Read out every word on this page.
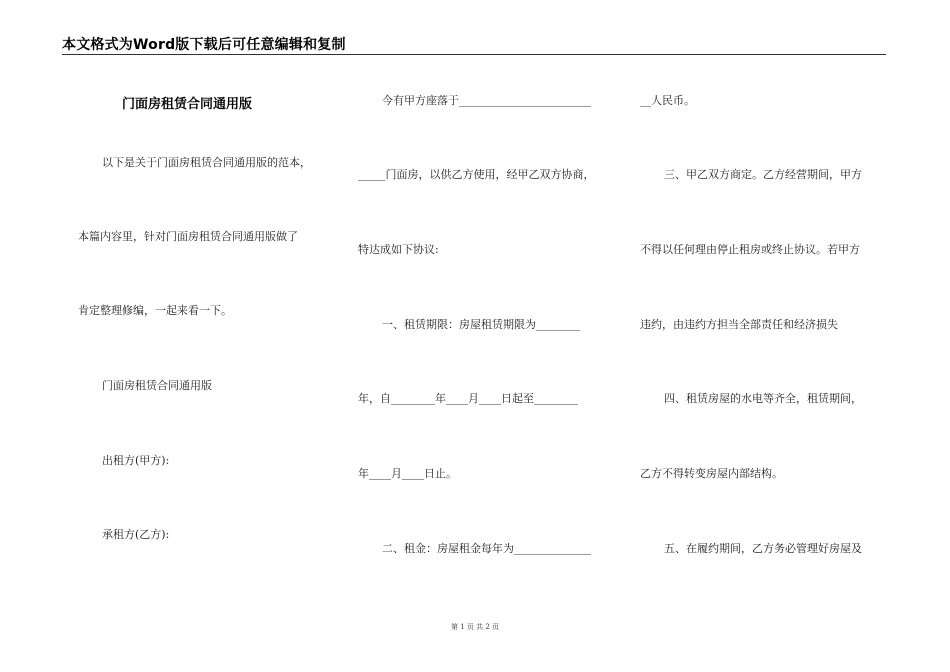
本文格式为Word版下载后可任意编辑和复制
门面房租赁合同通用版
以下是关于门面房租赁合同通用版的范本，
本篇内容里，针对门面房租赁合同通用版做了
肯定整理修编，一起来看一下。
门面房租赁合同通用版
出租方(甲方):
承租方(乙方):
今有甲方座落于________________________
_____门面房，以供乙方使用，经甲乙双方协商，
特达成如下协议:
一、租赁期限：房屋租赁期限为________
年，自________年____月____日起至________
年____月____日止。
二、租金：房屋租金每年为______________
__人民币。
三、甲乙双方商定。乙方经营期间，甲方
不得以任何理由停止租房或终止协议。若甲方
违约，由违约方担当全部责任和经济损失
四、租赁房屋的水电等齐全，租赁期间，
乙方不得转变房屋内部结构。
五、在履约期间，乙方务必管理好房屋及
第 1 页 共 2 页
